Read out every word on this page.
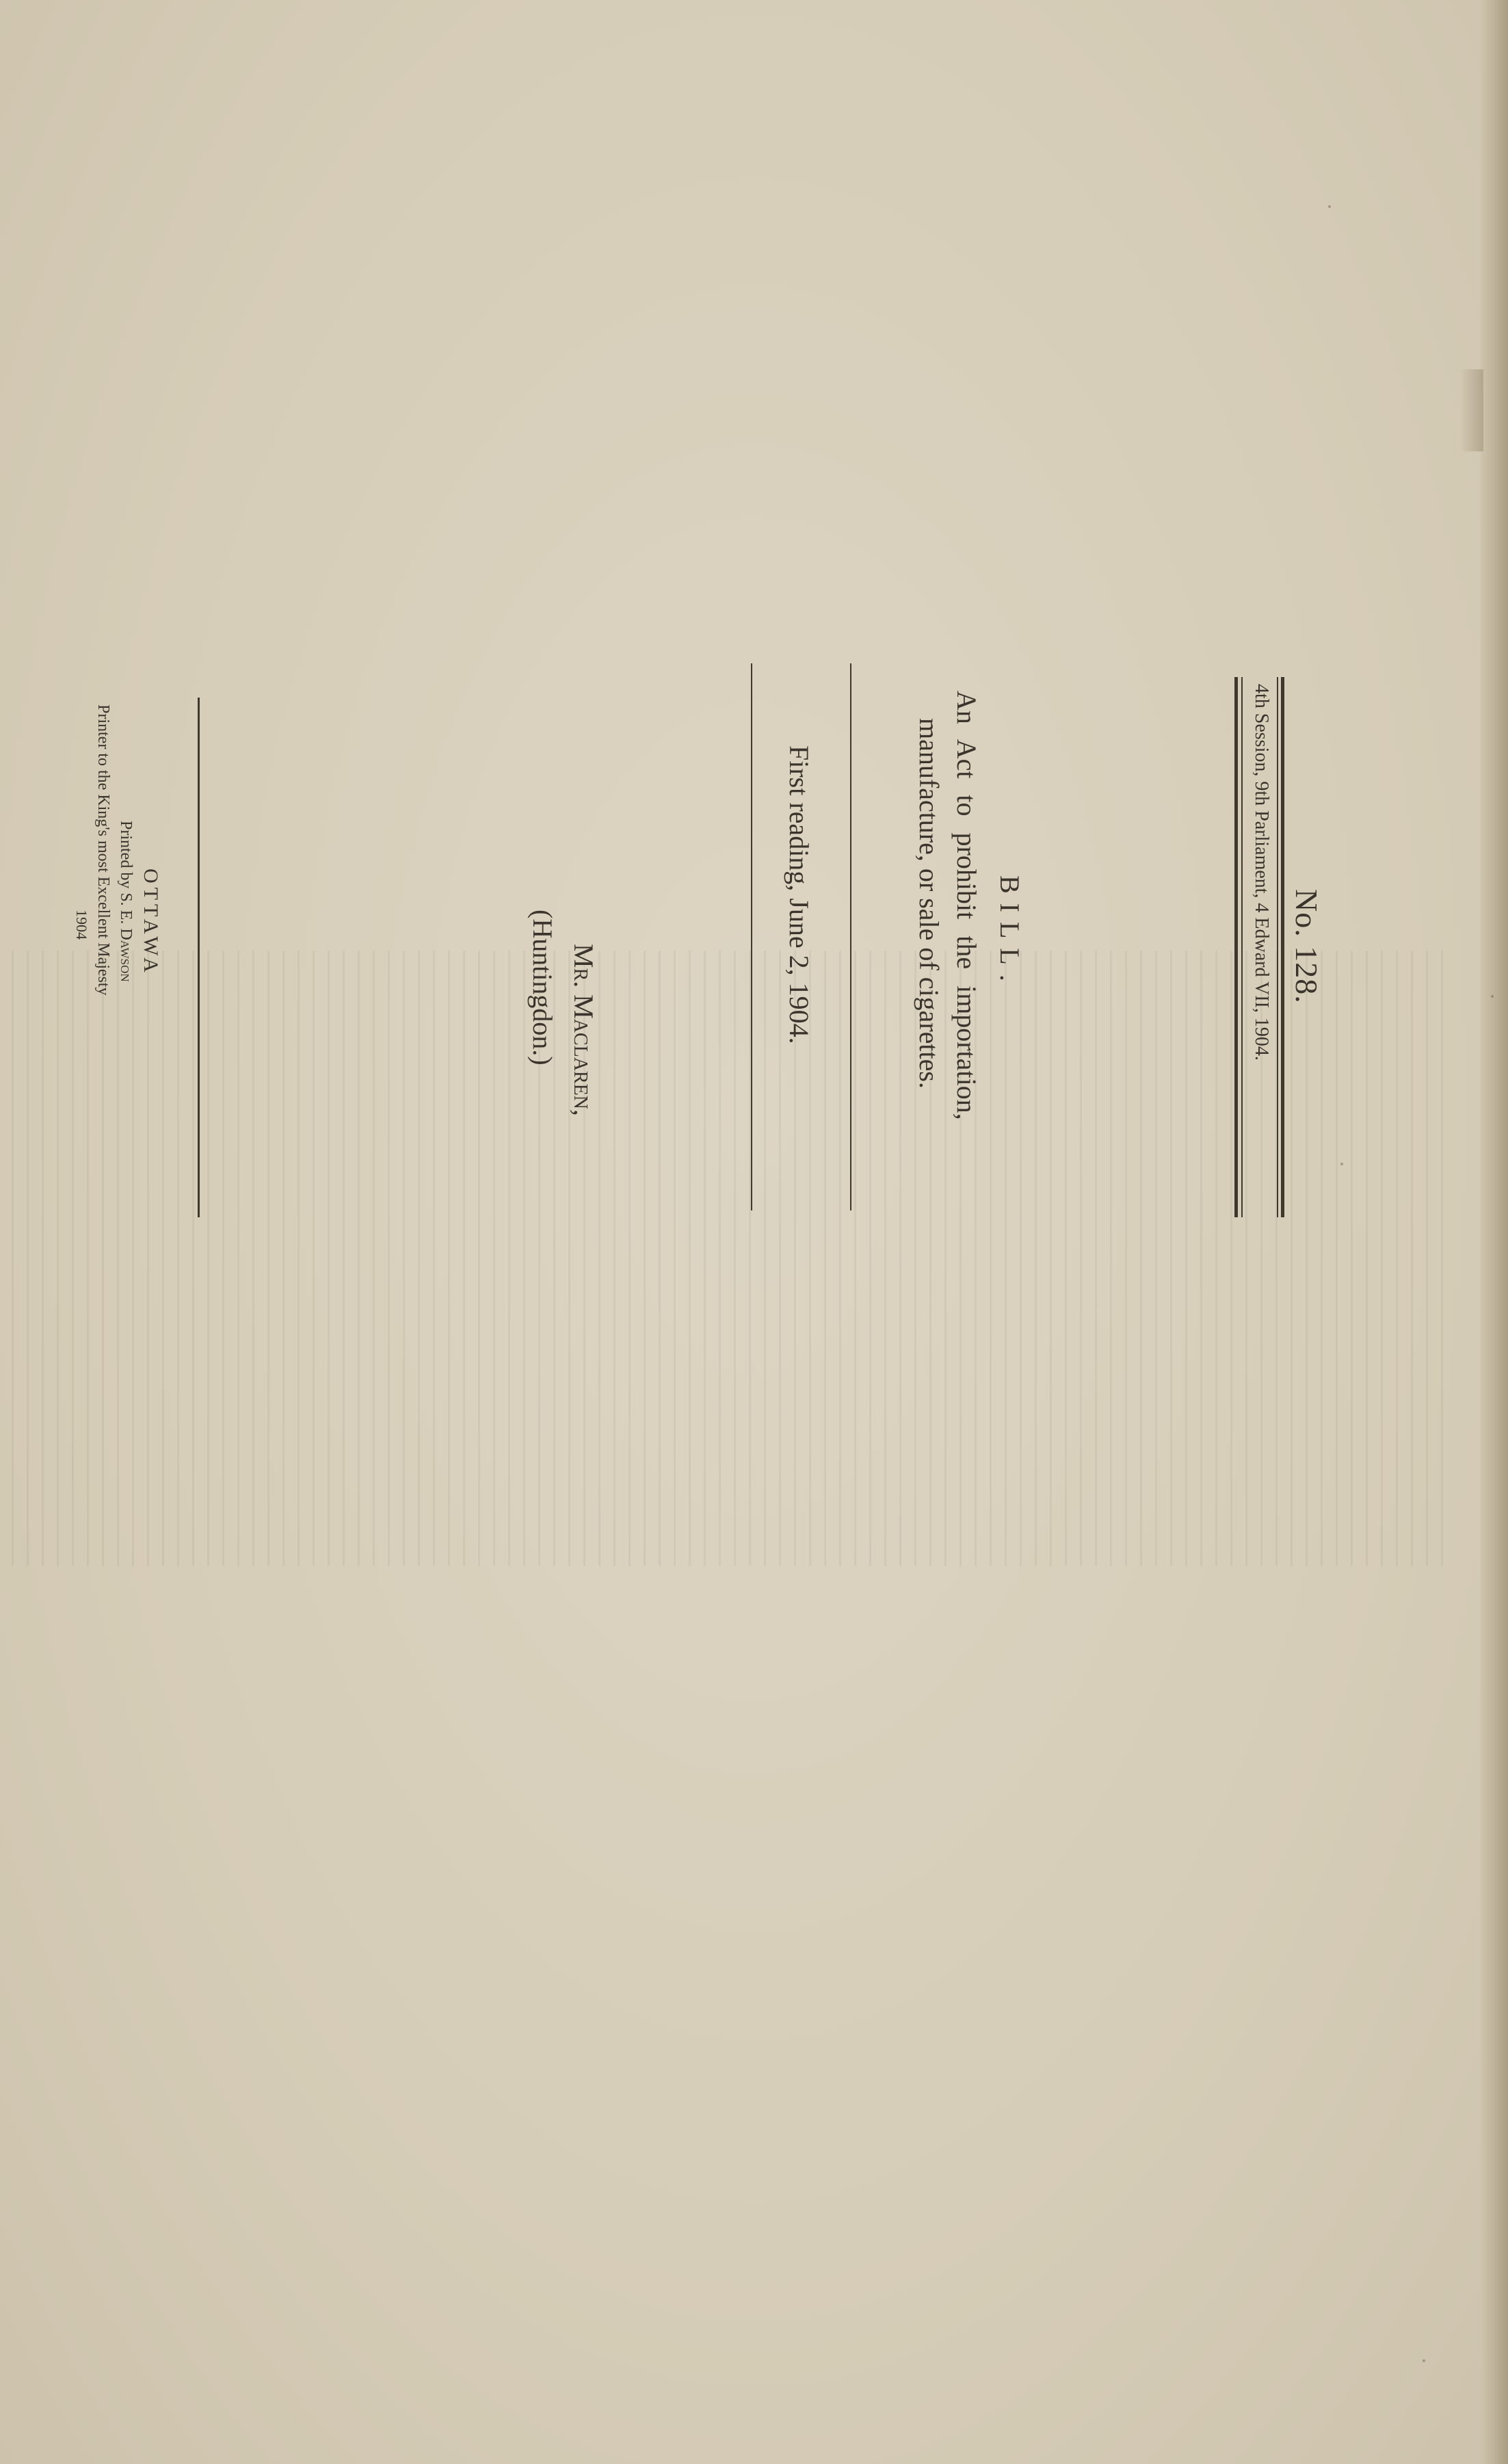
No. 128.
4th Session, 9th Parliament, 4 Edward VII, 1904.
BILL.
An Act to prohibit the importation,
manufacture, or sale of cigarettes.
First reading, June 2, 1904.
Mr. Maclaren,
(Huntingdon.)
OTTAWA
Printed by S. E. Dawson
Printer to the King's most Excellent Majesty
1904
